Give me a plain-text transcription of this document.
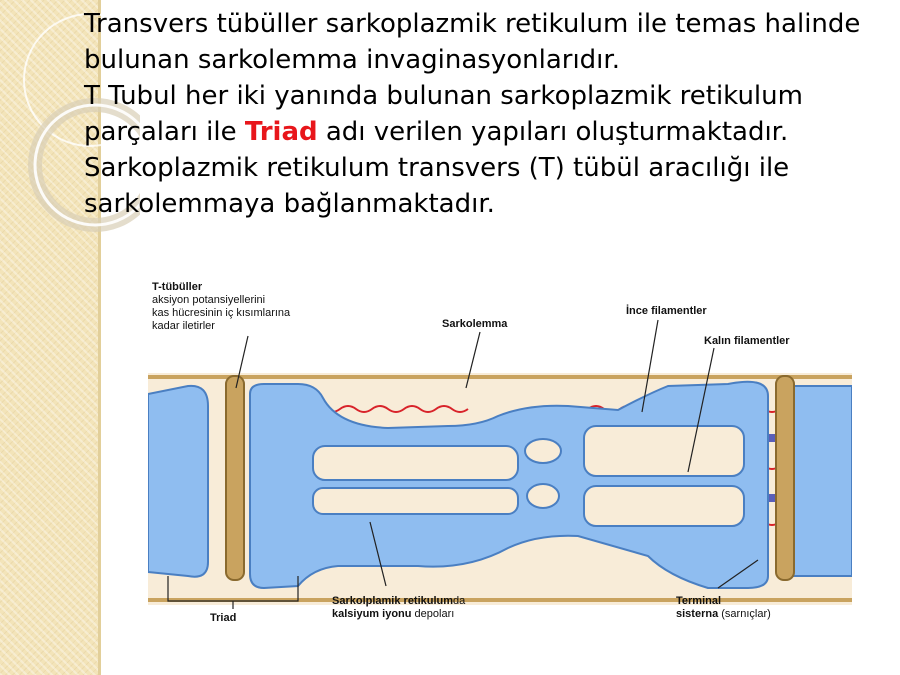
Transvers tübüller sarkoplazmik retikulum ile temas halinde bulunan sarkolemma invaginasyonlarıdır.

T Tubul her iki yanında bulunan sarkoplazmik retikulum parçaları ile Triad adı verilen yapıları oluşturmaktadır.

Sarkoplazmik retikulum transvers (T) tübül aracılığı ile sarkolemmaya bağlanmaktadır.

T-tübüller
aksiyon potansiyellerini
kas hücresinin iç kısımlarına
kadar iletirler	Sarkolemma
İnce filamentler
Kalın filamentler
Triad
Sarkolplamik retikulumda
kalsiyum iyonu depoları
Terminal
sisterna (sarnıçlar)
